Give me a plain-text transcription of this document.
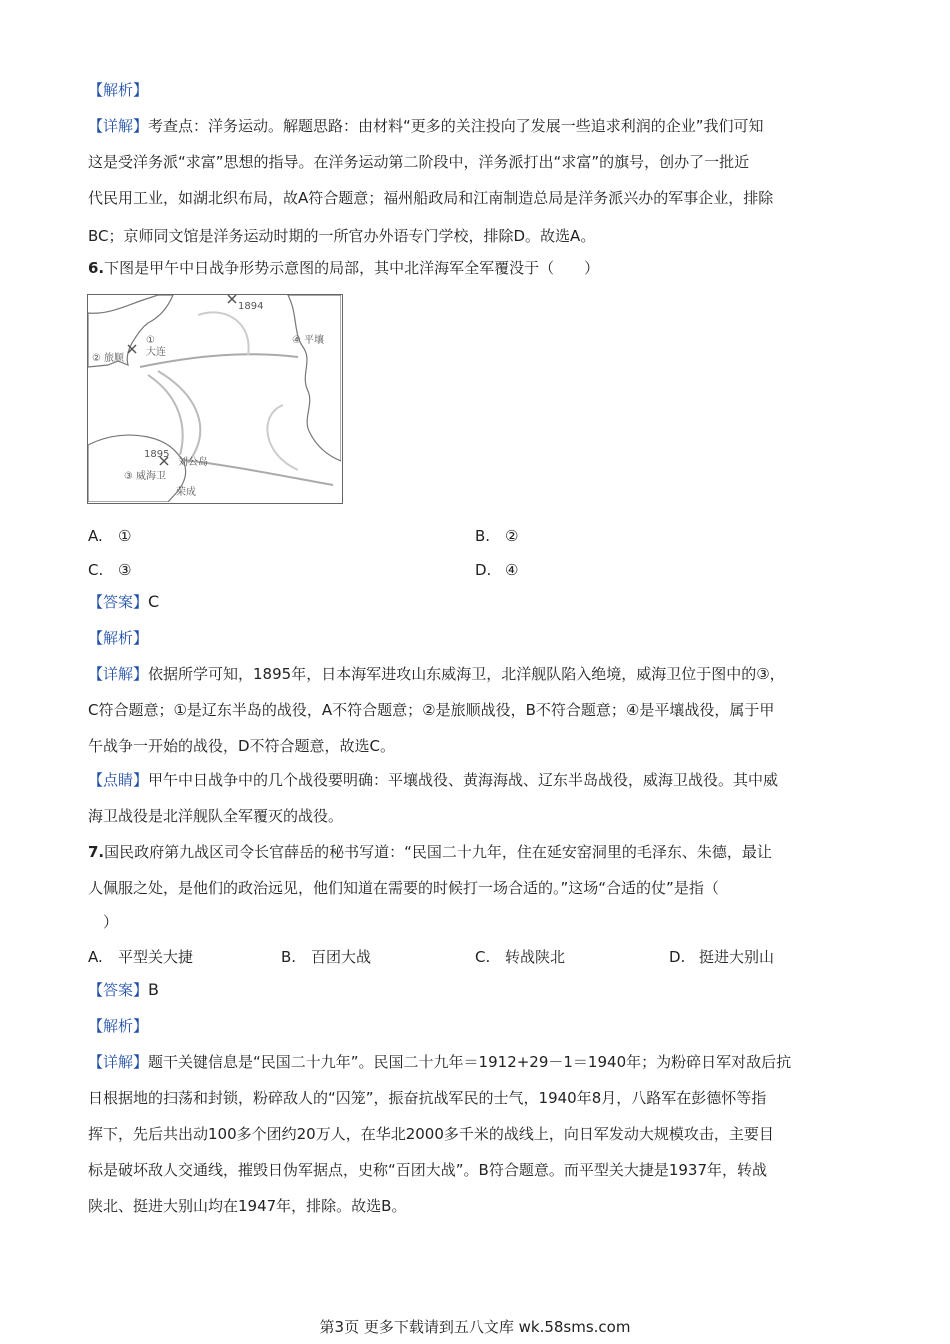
【解析】
【详解】考查点：洋务运动。解题思路：由材料“更多的关注投向了发展一些追求利润的企业”我们可知
这是受洋务派“求富”思想的指导。在洋务运动第二阶段中，洋务派打出“求富”的旗号，创办了一批近
代民用工业，如湖北织布局，故A符合题意；福州船政局和江南制造总局是洋务派兴办的军事企业，排除
BC；京师同文馆是洋务运动时期的一所官办外语专门学校，排除D。故选A。
6.下图是甲午中日战争形势示意图的局部，其中北洋海军全军覆没于（　　）
①
大连
② 旅顺
④ 平壤
1894
1895
刘公岛
③ 威海卫
荣成
A. ①	B. ②
C. ③	D. ④
【答案】C
【解析】
【详解】依据所学可知，1895年，日本海军进攻山东威海卫，北洋舰队陷入绝境，威海卫位于图中的③，
C符合题意；①是辽东半岛的战役，A不符合题意；②是旅顺战役，B不符合题意；④是平壤战役，属于甲
午战争一开始的战役，D不符合题意，故选C。
【点睛】甲午中日战争中的几个战役要明确：平壤战役、黄海海战、辽东半岛战役，威海卫战役。其中威
海卫战役是北洋舰队全军覆灭的战役。
7.国民政府第九战区司令长官薛岳的秘书写道：“民国二十九年，住在延安窑洞里的毛泽东、朱德，最让
人佩服之处，是他们的政治远见，他们知道在需要的时候打一场合适的。”这场“合适的仗”是指（
　）
A. 平型关大捷	B. 百团大战	C. 转战陕北	D. 挺进大别山
【答案】B
【解析】
【详解】题干关键信息是“民国二十九年”。民国二十九年＝1912+29－1＝1940年；为粉碎日军对敌后抗
日根据地的扫荡和封锁，粉碎敌人的“囚笼”，振奋抗战军民的士气，1940年8月，八路军在彭德怀等指
挥下，先后共出动100多个团约20万人，在华北2000多千米的战线上，向日军发动大规模攻击，主要目
标是破坏敌人交通线，摧毁日伪军据点，史称“百团大战”。B符合题意。而平型关大捷是1937年，转战
陕北、挺进大别山均在1947年，排除。故选B。
第3页 更多下载请到五八文库 wk.58sms.com
